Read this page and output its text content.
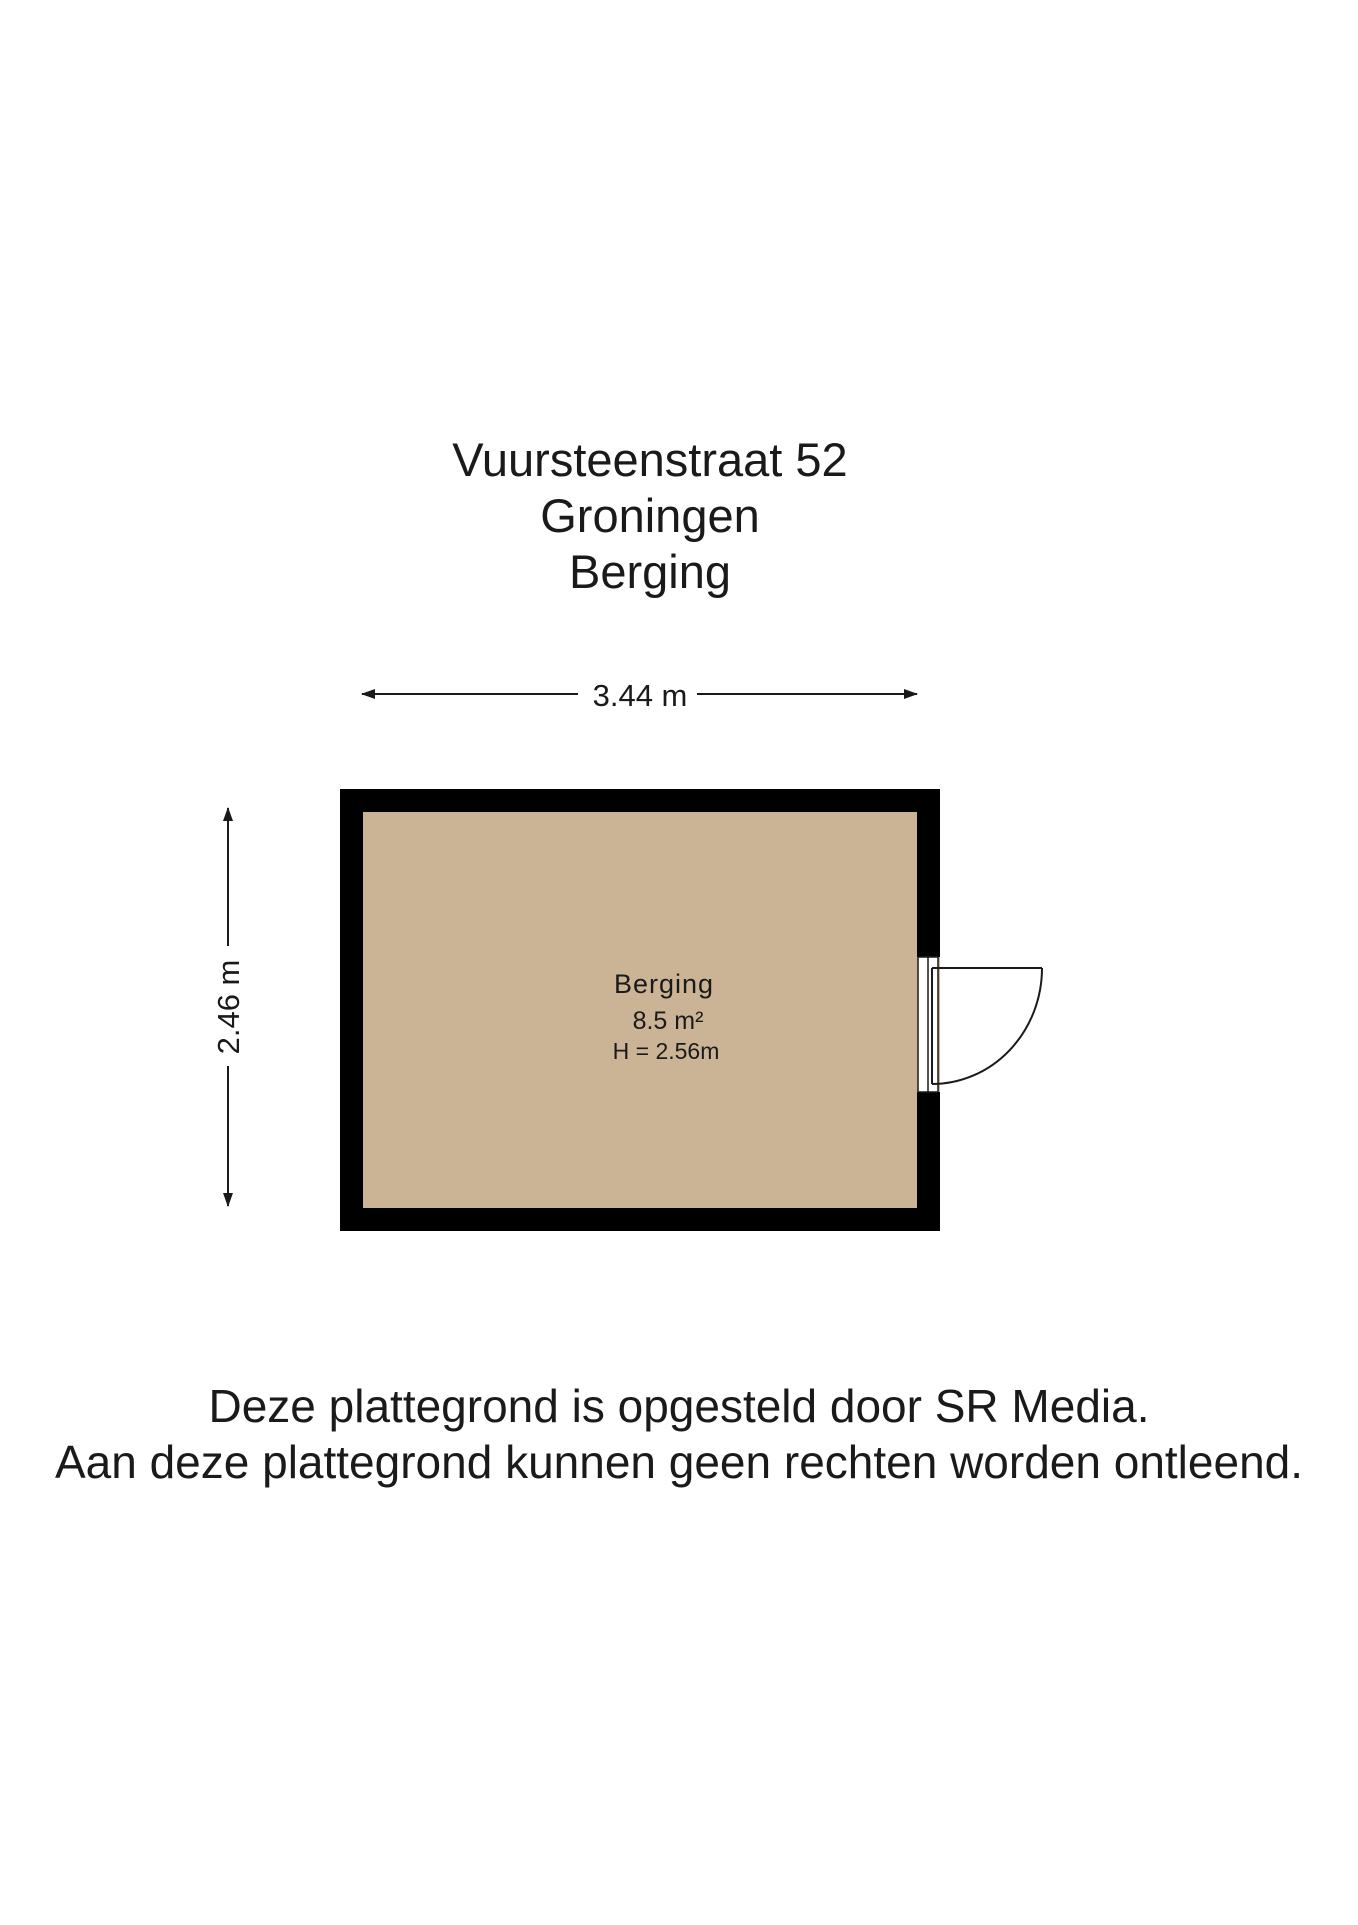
Vuursteenstraat 52
Groningen
Berging
3.44 m
2.46 m	Berging
8.5 m²
H = 2.56m
Deze plattegrond is opgesteld door SR Media.
Aan deze plattegrond kunnen geen rechten worden ontleend.
